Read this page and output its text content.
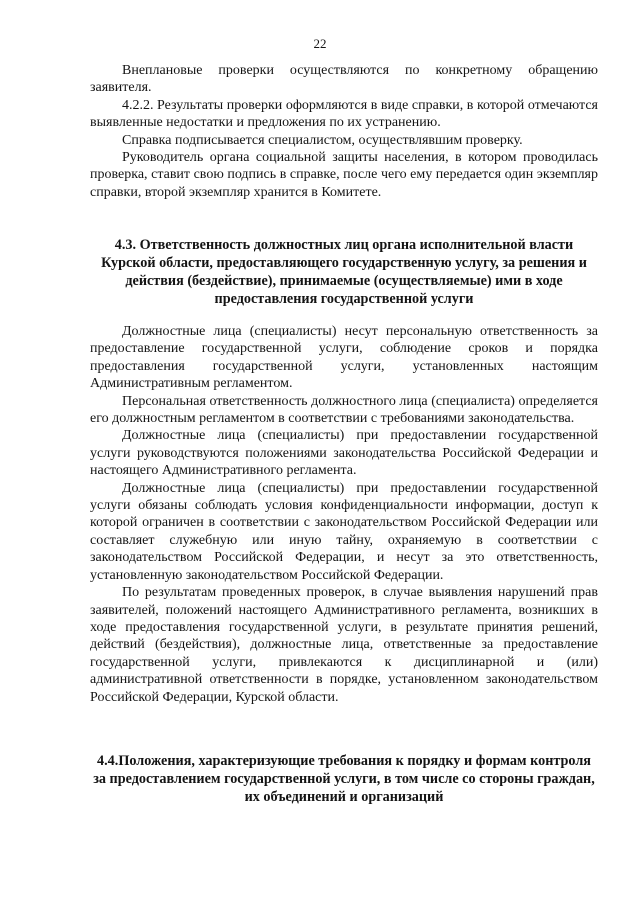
22

Внеплановые проверки осуществляются по конкретному обращению заявителя.

4.2.2. Результаты проверки оформляются в виде справки, в которой отмечаются выявленные недостатки и предложения по их устранению.

Справка подписывается специалистом, осуществлявшим проверку.

Руководитель органа социальной защиты населения, в котором проводилась проверка, ставит свою подпись в справке, после чего ему передается один экземпляр справки, второй экземпляр хранится в Комитете.

4.3. Ответственность должностных лиц органа исполнительной власти Курской области, предоставляющего государственную услугу, за решения и действия (бездействие), принимаемые (осуществляемые) ими в ходе предоставления государственной услуги

Должностные лица (специалисты) несут персональную ответственность за предоставление государственной услуги, соблюдение сроков и порядка предоставления государственной услуги, установленных настоящим Административным регламентом.

Персональная ответственность должностного лица (специалиста) определяется его должностным регламентом в соответствии с требованиями законодательства.

Должностные лица (специалисты) при предоставлении государственной услуги руководствуются положениями законодательства Российской Федерации и настоящего Административного регламента.

Должностные лица (специалисты) при предоставлении государственной услуги обязаны соблюдать условия конфиденциальности информации, доступ к которой ограничен в соответствии с законодательством Российской Федерации или составляет служебную или иную тайну, охраняемую в соответствии с законодательством Российской Федерации, и несут за это ответственность, установленную законодательством Российской Федерации.

По результатам проведенных проверок, в случае выявления нарушений прав заявителей, положений настоящего Административного регламента, возникших в ходе предоставления государственной услуги, в результате принятия решений, действий (бездействия), должностные лица, ответственные за предоставление государственной услуги, привлекаются к дисциплинарной и (или) административной ответственности в порядке, установленном законодательством Российской Федерации, Курской области.

4.4.Положения, характеризующие требования к порядку и формам контроля за предоставлением государственной услуги, в том числе со стороны граждан, их объединений и организаций
